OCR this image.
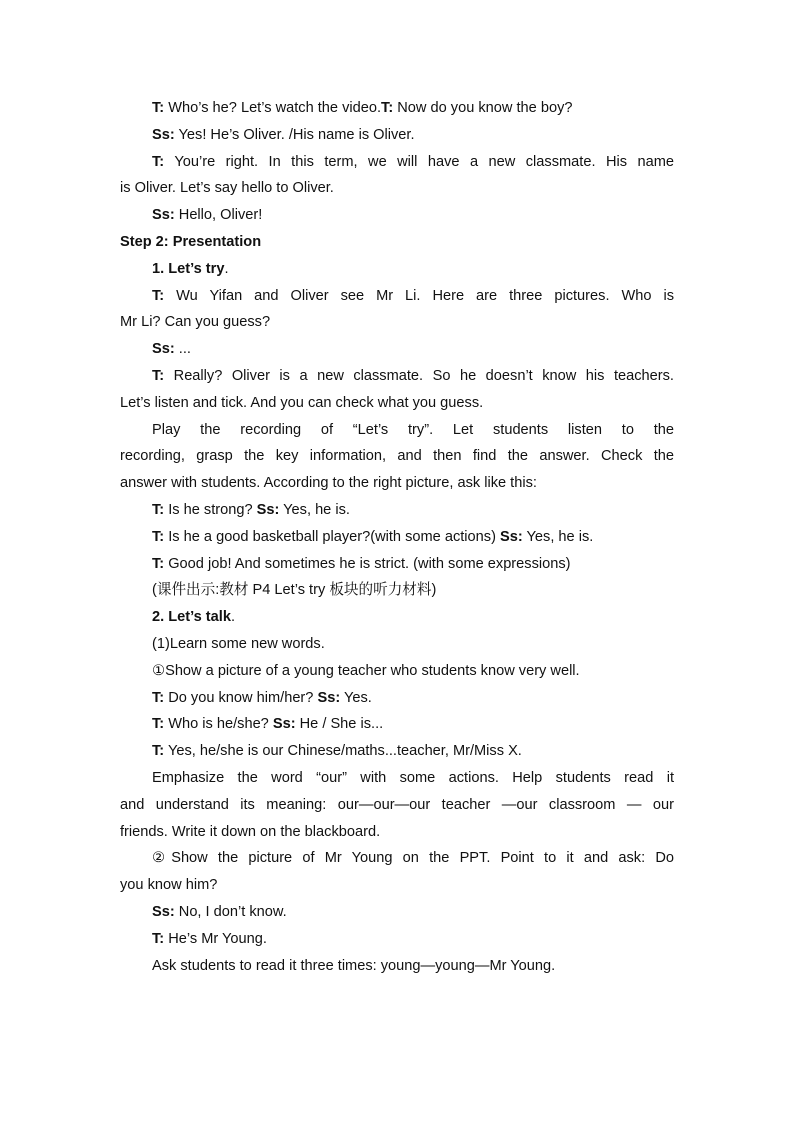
T: Who’s he? Let’s watch the video.T: Now do you know the boy?
Ss: Yes! He’s Oliver. /His name is Oliver.
T: You’re right. In this term, we will have a new classmate. His name
is Oliver. Let’s say hello to Oliver.
Ss: Hello, Oliver!
Step 2: Presentation
1. Let’s try.
T: Wu Yifan and Oliver see Mr Li. Here are three pictures. Who is
Mr Li? Can you guess?
Ss: ...
T: Really? Oliver is a new classmate. So he doesn’t know his teachers.
Let’s listen and tick. And you can check what you guess.
Play the recording of “Let’s try”. Let students listen to the
recording, grasp the key information, and then find the answer. Check the
answer with students. According to the right picture, ask like this:
T: Is he strong? Ss: Yes, he is.
T: Is he a good basketball player?(with some actions) Ss: Yes, he is.
T: Good job! And sometimes he is strict. (with some expressions)
(课件出示:教材 P4 Let’s try 板块的听力材料)
2. Let’s talk.
(1)Learn some new words.
①Show a picture of a young teacher who students know very well.
T: Do you know him/her? Ss: Yes.
T: Who is he/she? Ss: He / She is...
T: Yes, he/she is our Chinese/maths...teacher, Mr/Miss X.
Emphasize the word “our” with some actions. Help students read it
and understand its meaning: our—our—our teacher —our classroom — our
friends. Write it down on the blackboard.
②Show the picture of Mr Young on the PPT. Point to it and ask: Do
you know him?
Ss: No, I don’t know.
T: He’s Mr Young.
Ask students to read it three times: young—young—Mr Young.
